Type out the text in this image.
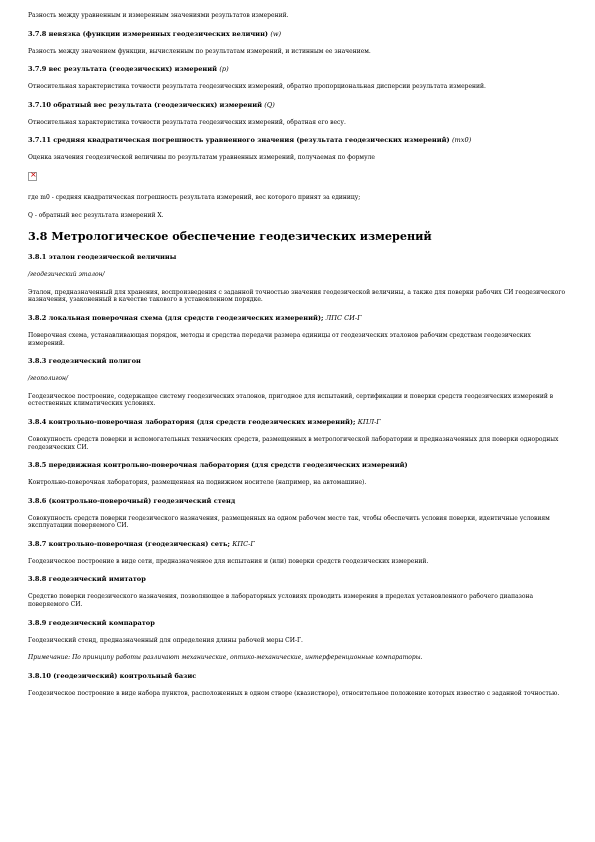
Разность между уравненным и измеренным значениями результатов измерений.
3.7.8 невязка (функции измеренных геодезических величин) (w)
Разность между значением функции, вычисленным по результатам измерений, и истинным ее значением.
3.7.9 вес результата (геодезических) измерений (p)
Относительная характеристика точности результата геодезических измерений, обратно пропорциональная дисперсии результата измерений.
3.7.10 обратный вес результата (геодезических) измерений (Q)
Относительная характеристика точности результата геодезических измерений, обратная его весу.
3.7.11 средняя квадратическая погрешность уравненного значения (результата геодезических измерений) (mx0)
Оценка значения геодезической величины по результатам уравненных измерений, получаемая по формуле
×
где m0 - средняя квадратическая погрешность результата измерений, вес которого принят за единицу;
Q - обратный вес результата измерений X.
3.8 Метрологическое обеспечение геодезических измерений
3.8.1 эталон геодезической величины
/геодезический эталон/
Эталон, предназначенный для хранения, воспроизведения с заданной точностью значения геодезической величины, а также для поверки рабочих СИ геодезического назначения, узаконенный в качестве такового в установленном порядке.
3.8.2 локальная поверочная схема (для средств геодезических измерений); ЛПС СИ-Г
Поверочная схема, устанавливающая порядок, методы и средства передачи размера единицы от геодезических эталонов рабочим средствам геодезических измерений.
3.8.3 геодезический полигон
/геополигон/
Геодезическое построение, содержащее систему геодезических эталонов, пригодное для испытаний, сертификации и поверки средств геодезических измерений в естественных климатических условиях.
3.8.4 контрольно-поверочная лаборатория (для средств геодезических измерений); КПЛ-Г
Совокупность средств поверки и вспомогательных технических средств, размещенных в метрологической лаборатории и предназначенных для поверки однородных геодезических СИ.
3.8.5 передвижная контрольно-поверочная лаборатория (для средств геодезических измерений)
Контрольно-поверочная лаборатория, размещенная на подвижном носителе (например, на автомашине).
3.8.6 (контрольно-поверочный) геодезический стенд
Совокупность средств поверки геодезического назначения, размещенных на одном рабочем месте так, чтобы обеспечить условия поверки, идентичные условиям эксплуатации поверяемого СИ.
3.8.7 контрольно-поверочная (геодезическая) сеть; КПС-Г
Геодезическое построение в виде сети, предназначенное для испытания и (или) поверки средств геодезических измерений.
3.8.8 геодезический имитатор
Средство поверки геодезического назначения, позволяющее в лабораторных условиях проводить измерения в пределах установленного рабочего диапазона поверяемого СИ.
3.8.9 геодезический компаратор
Геодезический стенд, предназначенный для определения длины рабочей меры СИ-Г.
Примечание: По принципу работы различают механические, оптико-механические, интерференционные компараторы.
3.8.10 (геодезический) контрольный базис
Геодезическое построение в виде набора пунктов, расположенных в одном створе (квазистворе), относительное положение которых известно с заданной точностью.
